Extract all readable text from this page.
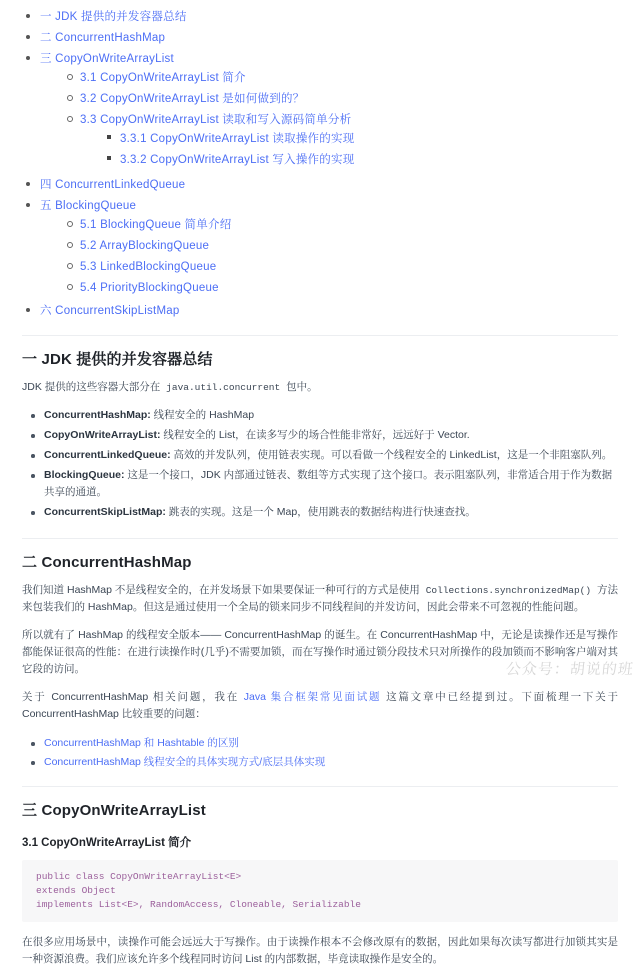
一 JDK 提供的并发容器总结
二 ConcurrentHashMap
三 CopyOnWriteArrayList
3.1 CopyOnWriteArrayList 简介
3.2 CopyOnWriteArrayList 是如何做到的？
3.3 CopyOnWriteArrayList 读取和写入源码简单分析
3.3.1 CopyOnWriteArrayList 读取操作的实现
3.3.2 CopyOnWriteArrayList 写入操作的实现
四 ConcurrentLinkedQueue
五 BlockingQueue
5.1 BlockingQueue 简单介绍
5.2 ArrayBlockingQueue
5.3 LinkedBlockingQueue
5.4 PriorityBlockingQueue
六 ConcurrentSkipListMap
一 JDK 提供的并发容器总结

JDK 提供的这些容器大部分在 java.util.concurrent 包中。

ConcurrentHashMap: 线程安全的 HashMap
CopyOnWriteArrayList: 线程安全的 List，在读多写少的场合性能非常好，远远好于 Vector.
ConcurrentLinkedQueue: 高效的并发队列，使用链表实现。可以看做一个线程安全的 LinkedList，这是一个非阻塞队列。
BlockingQueue: 这是一个接口，JDK 内部通过链表、数组等方式实现了这个接口。表示阻塞队列，非常适合用于作为数据共享的通道。
ConcurrentSkipListMap: 跳表的实现。这是一个 Map，使用跳表的数据结构进行快速查找。
二 ConcurrentHashMap

我们知道 HashMap 不是线程安全的，在并发场景下如果要保证一种可行的方式是使用 Collections.synchronizedMap() 方法来包装我们的 HashMap。但这是通过使用一个全局的锁来同步不同线程间的并发访问，因此会带来不可忽视的性能问题。

所以就有了 HashMap 的线程安全版本—— ConcurrentHashMap 的诞生。在 ConcurrentHashMap 中，无论是读操作还是写操作都能保证很高的性能：在进行读操作时(几乎)不需要加锁，而在写操作时通过锁分段技术只对所操作的段加锁而不影响客户端对其它段的访问。

关于 ConcurrentHashMap 相关问题，我在 Java 集合框架常见面试题 这篇文章中已经提到过。下面梳理一下关于 ConcurrentHashMap 比较重要的问题：

ConcurrentHashMap 和 Hashtable 的区别
ConcurrentHashMap 线程安全的具体实现方式/底层具体实现
三 CopyOnWriteArrayList
3.1 CopyOnWriteArrayList 简介
public class CopyOnWriteArrayList<E>
extends Object
implements List<E>, RandomAccess, Cloneable, Serializable

在很多应用场景中，读操作可能会远远大于写操作。由于读操作根本不会修改原有的数据，因此如果每次读写都进行加锁其实是一种资源浪费。我们应该允许多个线程同时访问 List 的内部数据，毕竟读取操作是安全的。

公众号：胡说的班
